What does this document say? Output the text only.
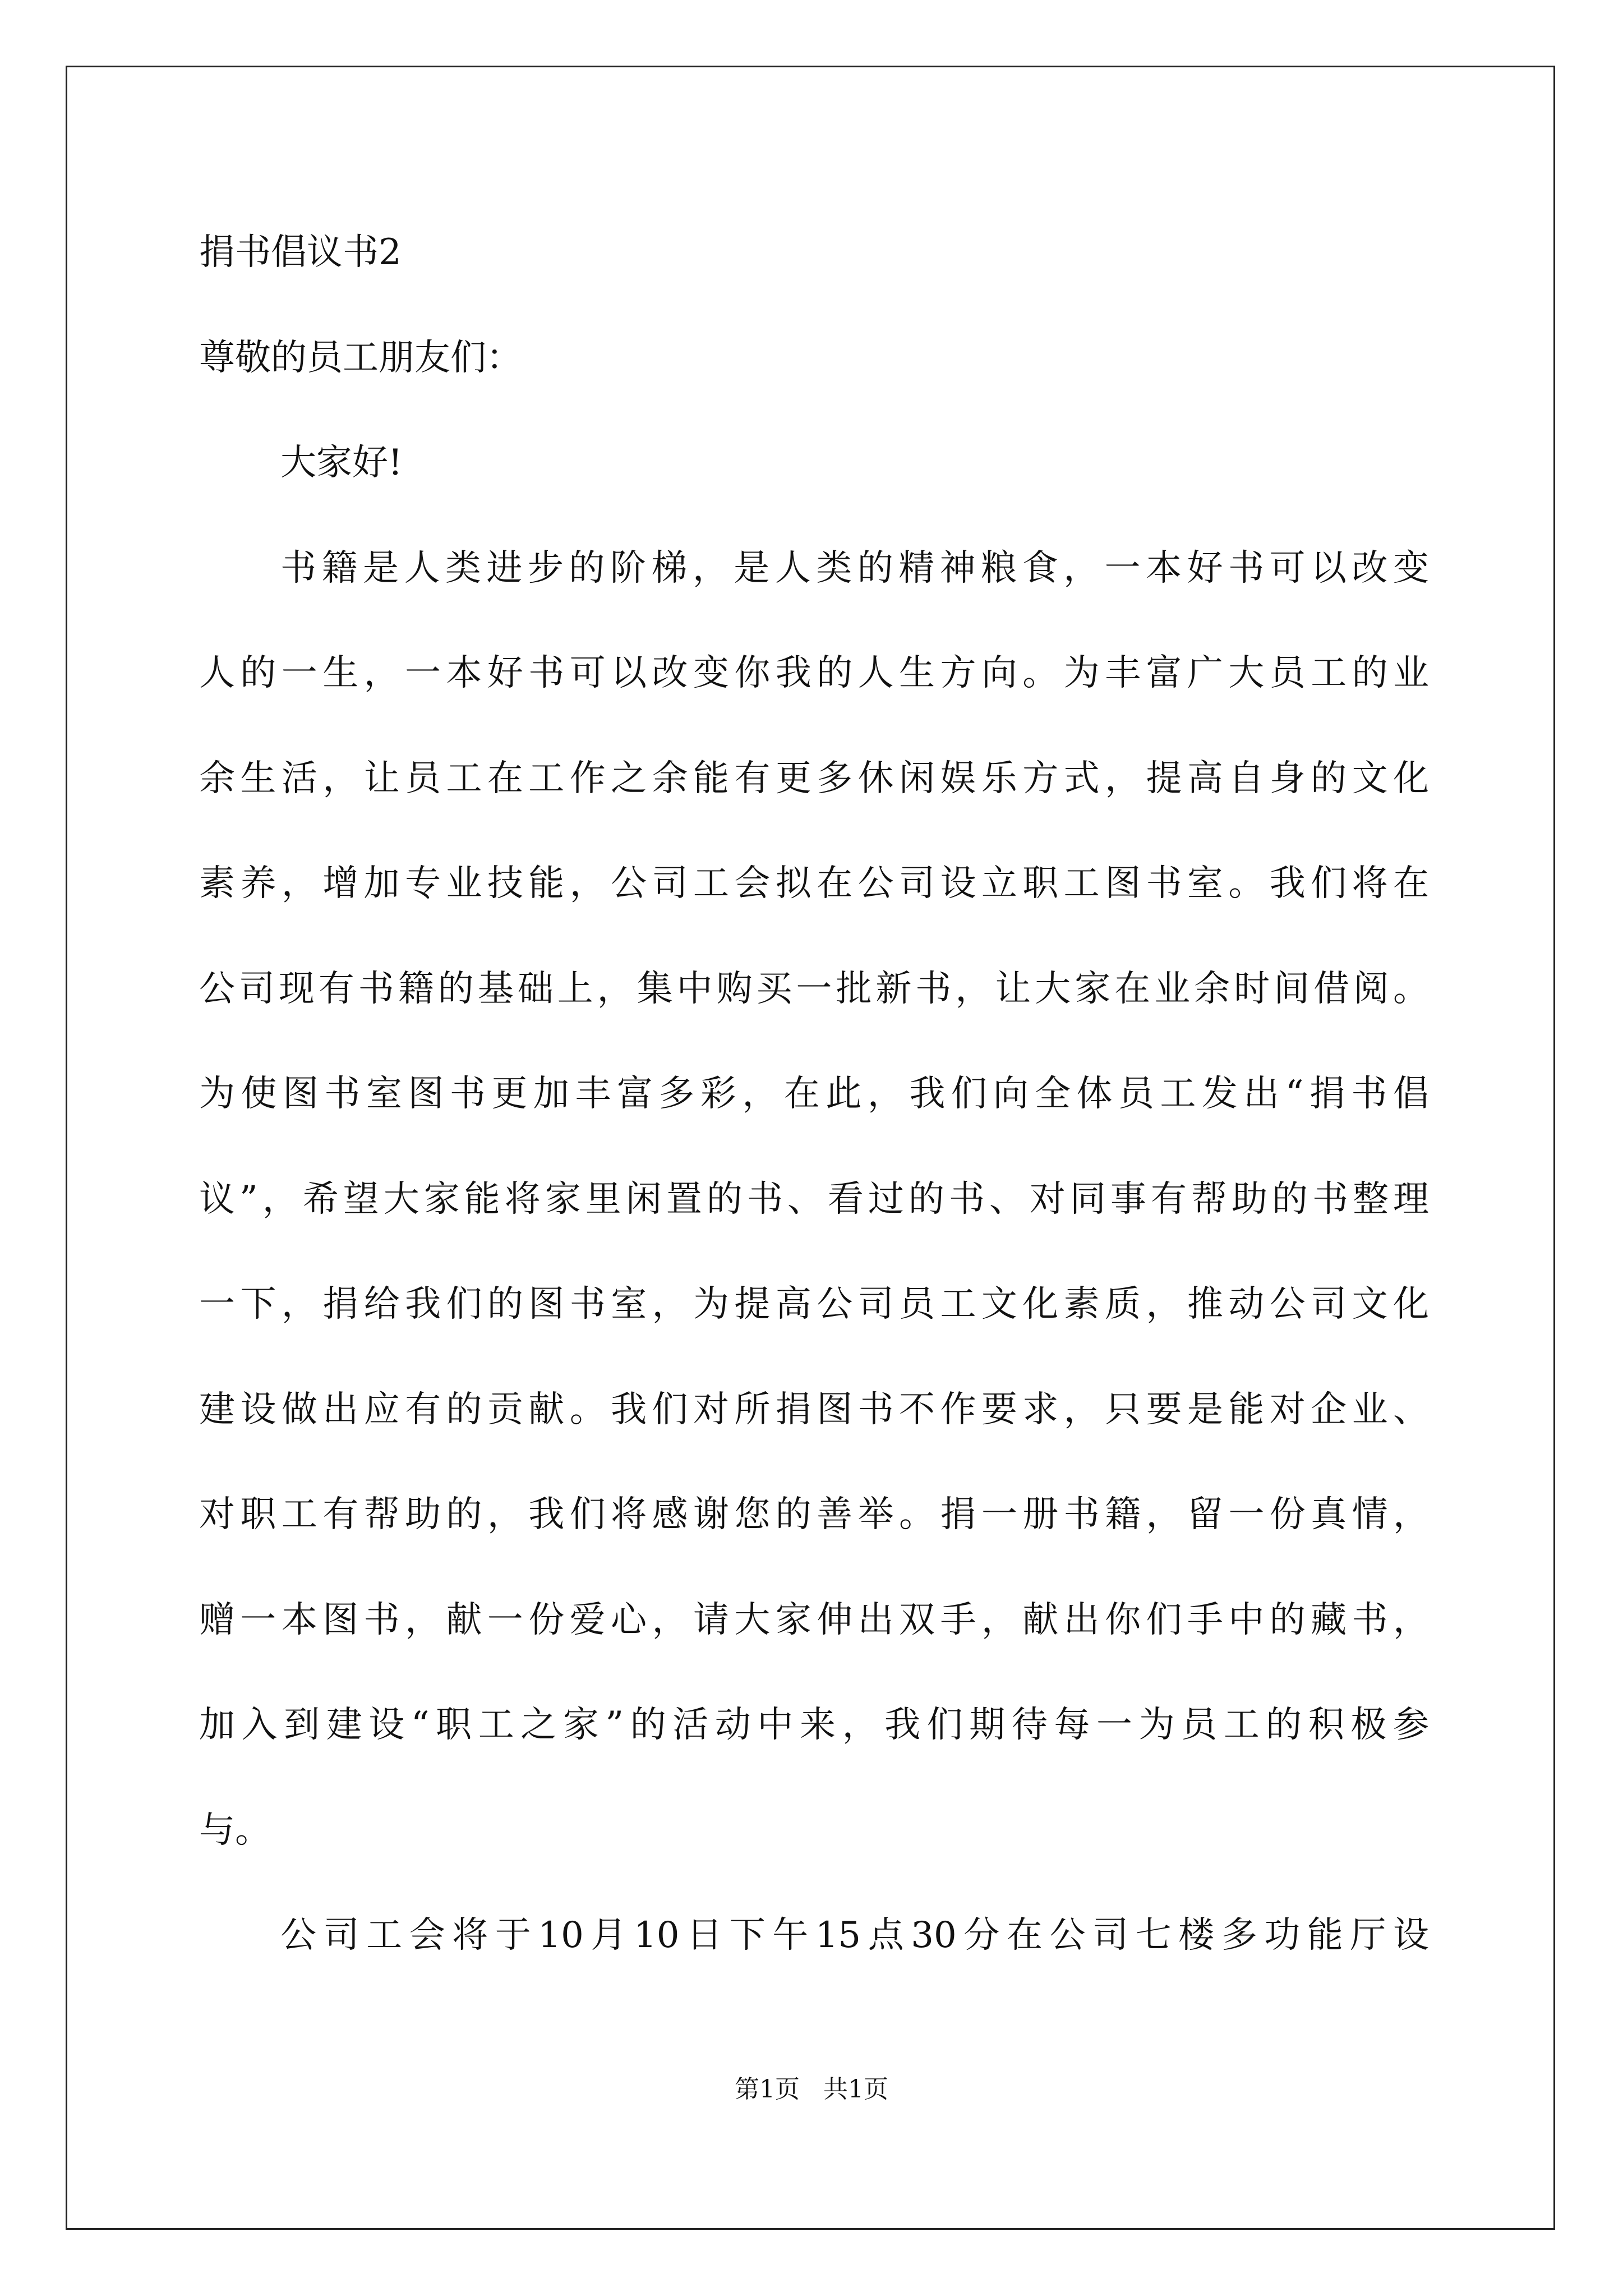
捐书倡议书2
尊敬的员工朋友们：
大家好!
书籍是人类进步的阶梯，是人类的精神粮食，一本好书可以改变
人的一生，一本好书可以改变你我的人生方向。为丰富广大员工的业
余生活，让员工在工作之余能有更多休闲娱乐方式，提高自身的文化
素养，增加专业技能，公司工会拟在公司设立职工图书室。我们将在
公司现有书籍的基础上，集中购买一批新书，让大家在业余时间借阅。
为使图书室图书更加丰富多彩，在此，我们向全体员工发出“捐书倡
议”，希望大家能将家里闲置的书、看过的书、对同事有帮助的书整理
一下，捐给我们的图书室，为提高公司员工文化素质，推动公司文化
建设做出应有的贡献。我们对所捐图书不作要求，只要是能对企业、
对职工有帮助的，我们将感谢您的善举。捐一册书籍，留一份真情，
赠一本图书，献一份爱心，请大家伸出双手，献出你们手中的藏书，
加入到建设“职工之家”的活动中来，我们期待每一为员工的积极参
与。
公司工会将于10月10日下午15点30分在公司七楼多功能厅设
第1页   共1页
